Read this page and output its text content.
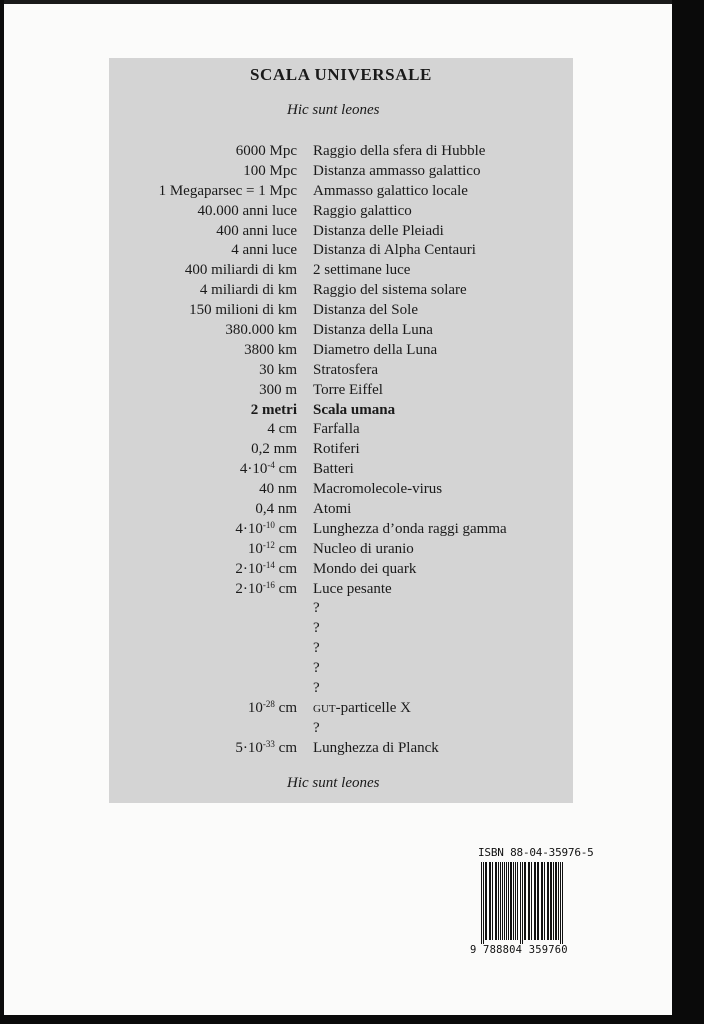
SCALA UNIVERSALE
Hic sunt leones
6000 Mpc Raggio della sfera di Hubble
100 Mpc Distanza ammasso galattico
1 Megaparsec = 1 Mpc Ammasso galattico locale
40.000 anni luce Raggio galattico
400 anni luce Distanza delle Pleiadi
4 anni luce Distanza di Alpha Centauri
400 miliardi di km 2 settimane luce
4 miliardi di km Raggio del sistema solare
150 milioni di km Distanza del Sole
380.000 km Distanza della Luna
3800 km Diametro della Luna
30 km Stratosfera
300 m Torre Eiffel
2 metri Scala umana
4 cm Farfalla
0,2 mm Rotiferi
$4\cdot 10^{-4}$ cm Batteri
40 nm Macromolecole-virus
0,4 nm Atomi
$4\cdot 10^{-10}$ cm Lunghezza d’onda raggi gamma
$10^{-12}$ cm Nucleo di uranio
$2\cdot 10^{-14}$ cm Mondo dei quark
$2\cdot 10^{-16}$ cm Luce pesante
?
?
?
?
?
$10^{-28}$ cm GUT-particelle X
?
$5\cdot 10^{-33}$ cm Lunghezza di Planck
Hic sunt leones
ISBN 88-04-35976-5
9 788804 359760
